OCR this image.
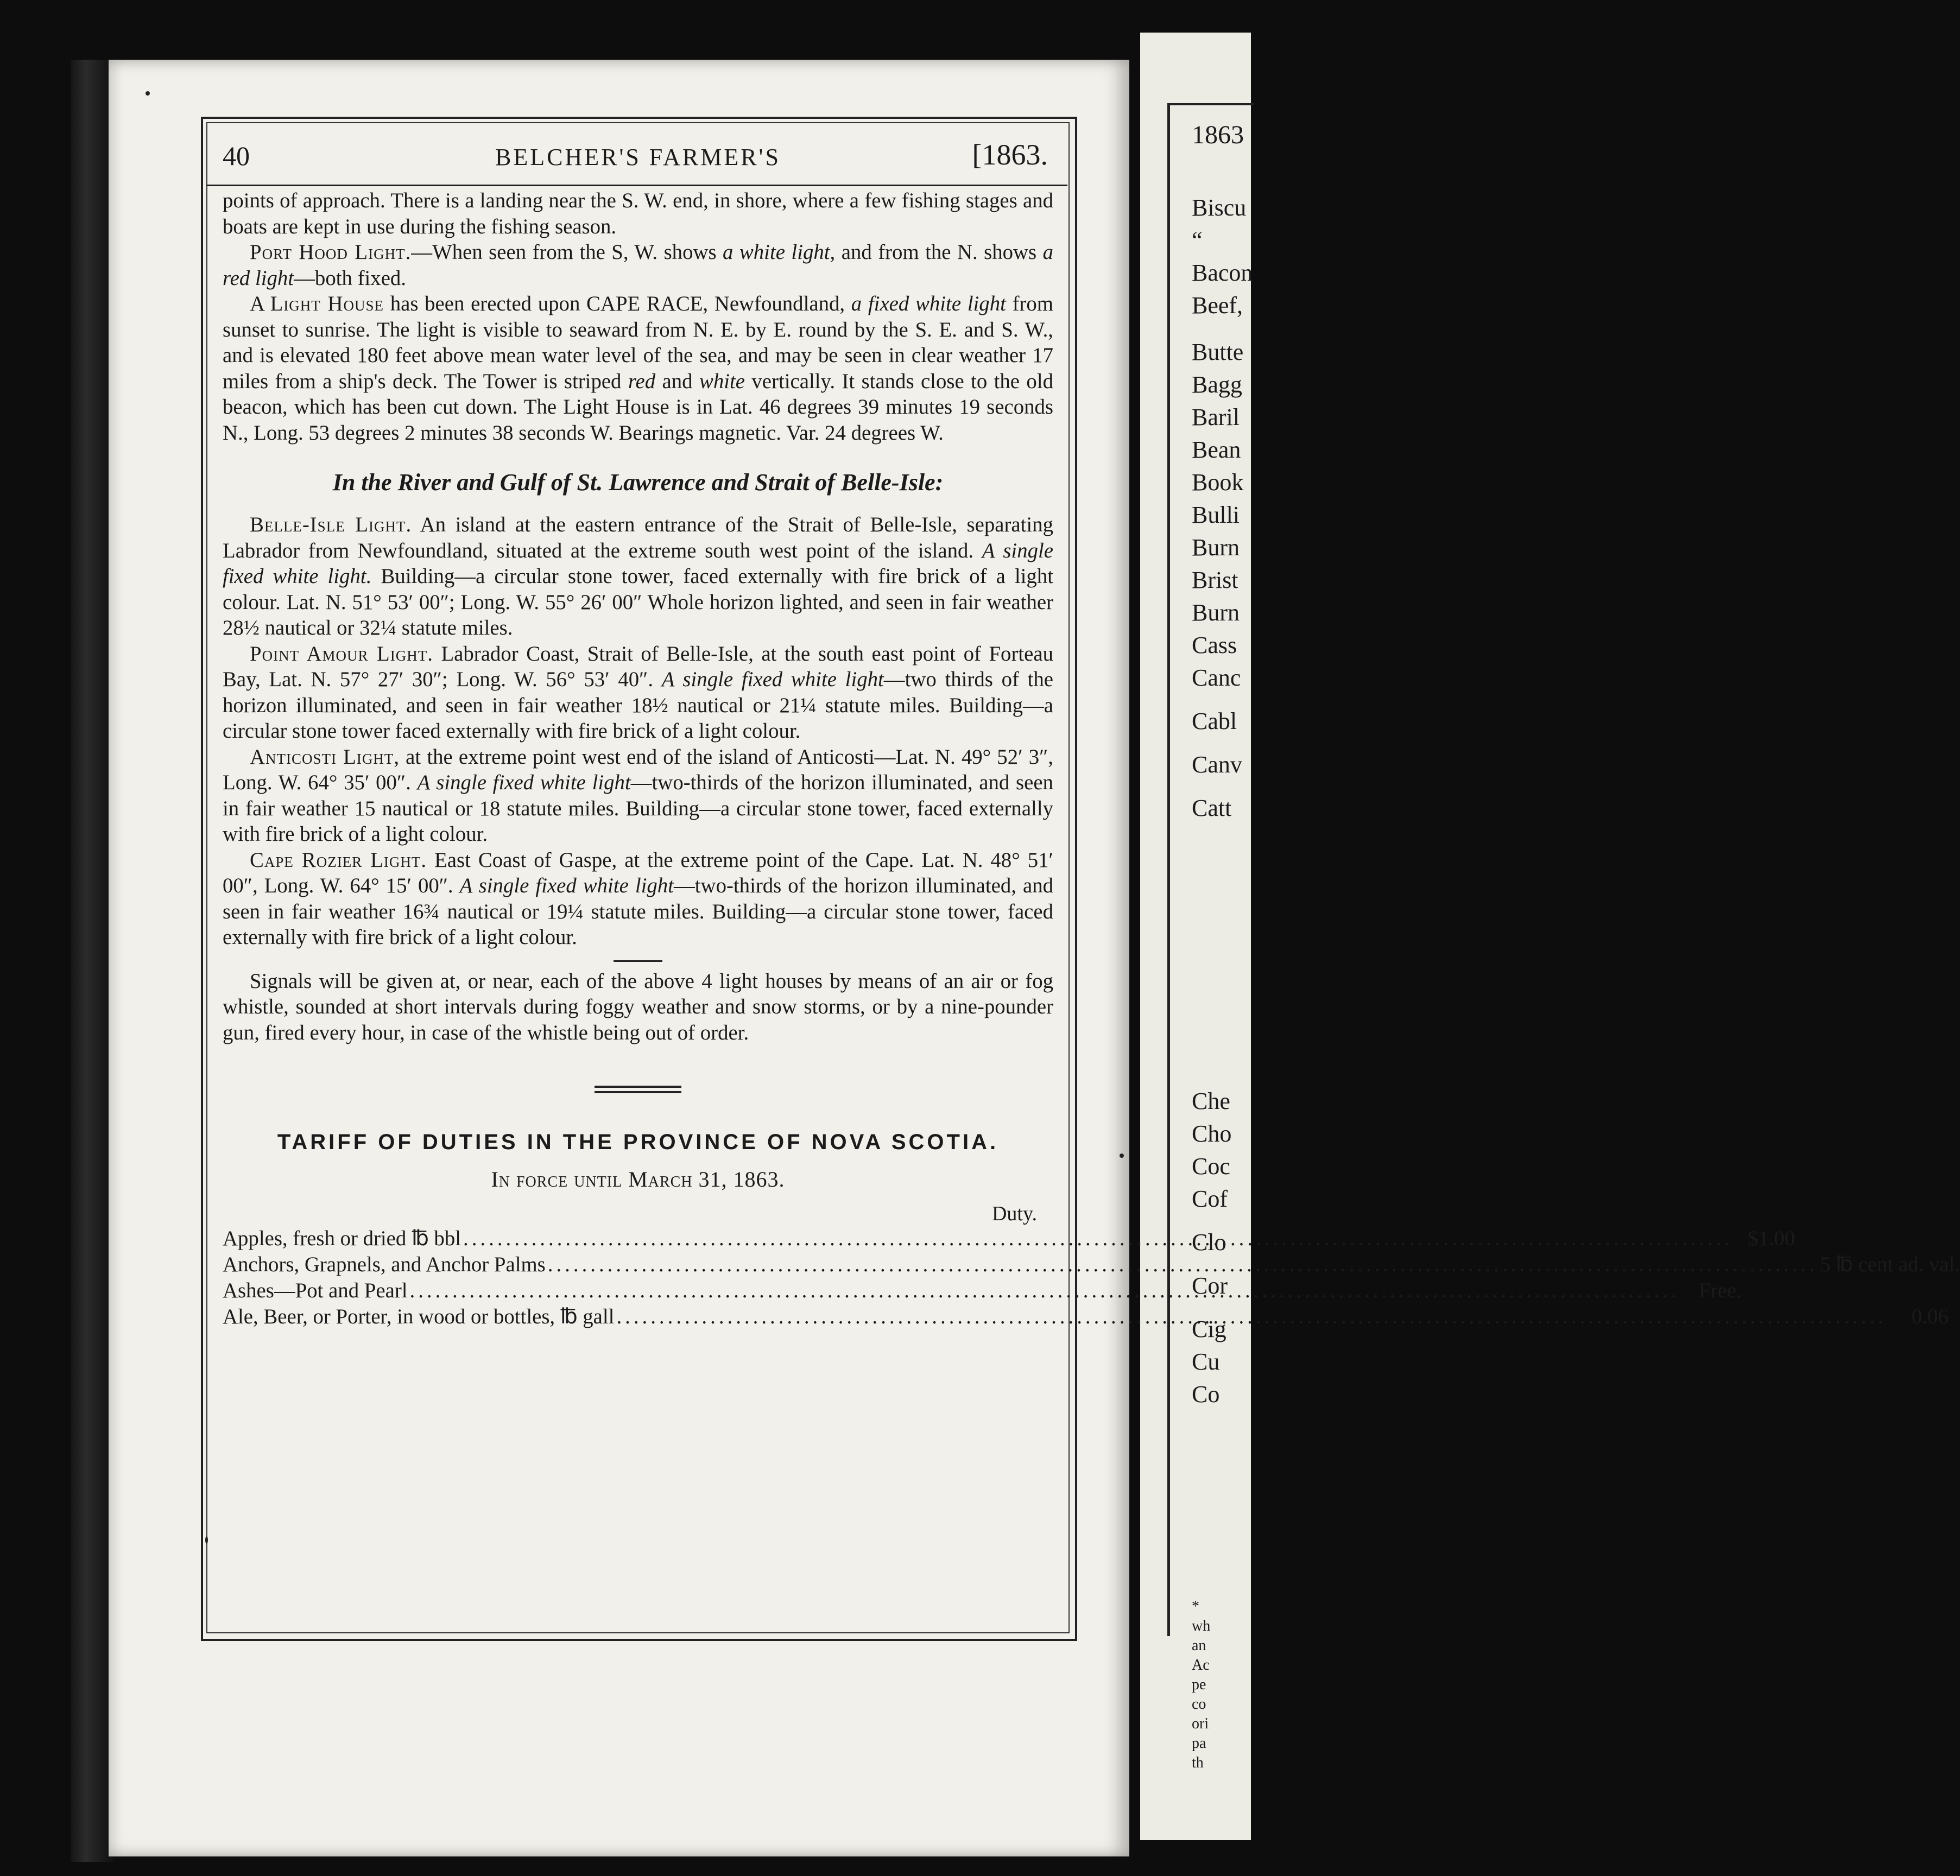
1863
Biscu
“
Bacon
Beef,
Butte
Bagg
Baril
Bean
Book
Bulli
Burn
Brist
Burn
Cass
Canc
Cabl
Canv
Catt
Che
Cho
Coc
Cof
Clo
Cor
Cig
Cu
Co
*
wh
an
Ac
pe
co
ori
pa
th
40	BELCHER'S FARMER'S	[1863.

points of approach. There is a landing near the S. W. end, in shore, where a few fishing stages and boats are kept in use during the fishing season.

Port Hood Light.—When seen from the S, W. shows a white light, and from the N. shows a red light—both fixed.

A Light House has been erected upon CAPE RACE, Newfoundland, a fixed white light from sunset to sunrise. The light is visible to seaward from N. E. by E. round by the S. E. and S. W., and is elevated 180 feet above mean water level of the sea, and may be seen in clear weather 17 miles from a ship's deck. The Tower is striped red and white vertically. It stands close to the old beacon, which has been cut down. The Light House is in Lat. 46 degrees 39 minutes 19 seconds N., Long. 53 degrees 2 minutes 38 seconds W. Bearings magnetic. Var. 24 degrees W.

In the River and Gulf of St. Lawrence and Strait of Belle-Isle:

Belle-Isle Light. An island at the eastern entrance of the Strait of Belle-Isle, separating Labrador from Newfoundland, situated at the extreme south west point of the island. A single fixed white light. Building—a circular stone tower, faced externally with fire brick of a light colour. Lat. N. 51° 53′ 00″; Long. W. 55° 26′ 00″ Whole horizon lighted, and seen in fair weather 28½ nautical or 32¼ statute miles.

Point Amour Light. Labrador Coast, Strait of Belle-Isle, at the south east point of Forteau Bay, Lat. N. 57° 27′ 30″; Long. W. 56° 53′ 40″. A single fixed white light—two thirds of the horizon illuminated, and seen in fair weather 18½ nautical or 21¼ statute miles. Building—a circular stone tower faced externally with fire brick of a light colour.

Anticosti Light, at the extreme point west end of the island of Anticosti—Lat. N. 49° 52′ 3″, Long. W. 64° 35′ 00″. A single fixed white light—two-thirds of the horizon illuminated, and seen in fair weather 15 nautical or 18 statute miles. Building—a circular stone tower, faced externally with fire brick of a light colour.

Cape Rozier Light. East Coast of Gaspe, at the extreme point of the Cape. Lat. N. 48° 51′ 00″, Long. W. 64° 15′ 00″. A single fixed white light—two-thirds of the horizon illuminated, and seen in fair weather 16¾ nautical or 19¼ statute miles. Building—a circular stone tower, faced externally with fire brick of a light colour.

Signals will be given at, or near, each of the above 4 light houses by means of an air or fog whistle, sounded at short intervals during foggy weather and snow storms, or by a nine-pounder gun, fired every hour, in case of the whistle being out of order.

TARIFF OF DUTIES IN THE PROVINCE OF NOVA SCOTIA.
In force until March 31, 1863.
Duty.
Apples, fresh or dried ℔ bbl .....	$1.00
Anchors, Grapnels, and Anchor Palms .....	5 ℔ cent ad. val.
Ashes—Pot and Pearl .....	Free.
Ale, Beer, or Porter, in wood or bottles, ℔ gall .....	0.06
